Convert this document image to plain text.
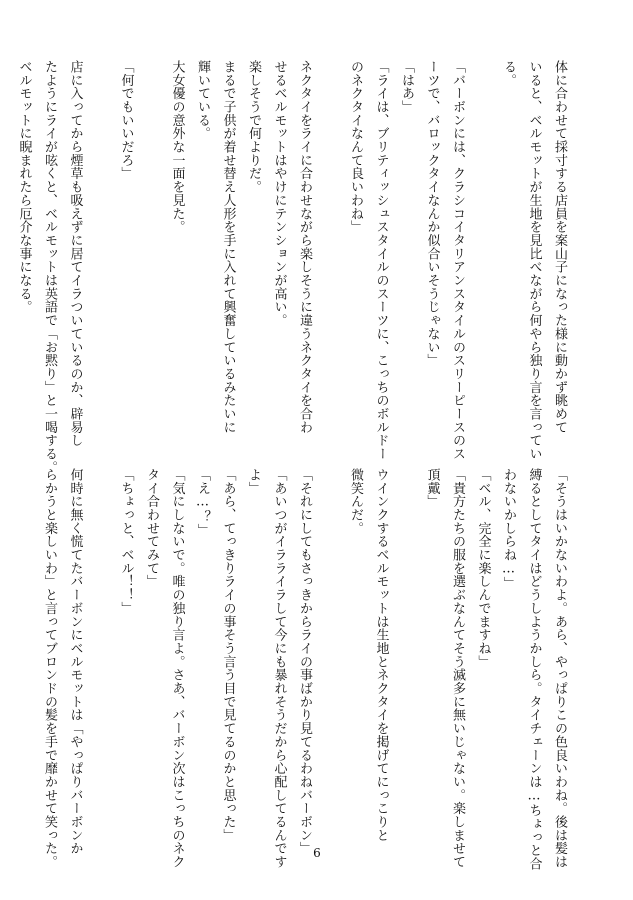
体に合わせて採寸する店員を案山子になった様に動かず眺めて
いると、ベルモットが生地を見比べながら何やら独り言を言ってい
る。

「バーボンには、クラシコイタリアンスタイルのスリーピースのス
ーツで、バロックタイなんか似合いそうじゃない」
「はあ」
「ライは、ブリティッシュスタイルのスーツに、こっちのボルドー
のネクタイなんて良いわね」

ネクタイをライに合わせながら楽しそうに違うネクタイを合わ
せるベルモットはやけにテンションが高い。
楽しそうで何よりだ。
まるで子供が着せ替え人形を手に入れて興奮しているみたいに
輝いている。
大女優の意外な一面を見た。

「何でもいいだろ」

店に入ってから煙草も吸えずに居てイラついているのか、辟易し
たようにライが呟くと、ベルモットは英語で「お黙り」と一喝する。
ベルモットに睨まれたら厄介な事になる。
「そうはいかないわよ。あら、やっぱりこの色良いわね。後は髪は
縛るとしてタイはどうしようかしら。タイチェーンは…ちょっと合
わないかしらね…」
「ベル、完全に楽しんでますね」
「貴方たちの服を選ぶなんてそう滅多に無いじゃない。楽しませて
頂戴」

ウインクするベルモットは生地とネクタイを掲げてにっこりと
微笑んだ。

「それにしてもさっきからライの事ばかり見てるわねバーボン」
「あいつがイラライラして今にも暴れそうだから心配してるんです
よ」
「あら、てっきりライの事そう言う目で見てるのかと思った」
「え…？」
「気にしないで。唯の独り言よ。さあ、バーボン次はこっちのネク
タイ合わせてみて」
「ちょっと、ベル！！」

何時に無く慌てたバーボンにベルモットは「やっぱりバーボンか
らかうと楽しいわ」と言ってブロンドの髪を手で靡かせて笑った。	6
